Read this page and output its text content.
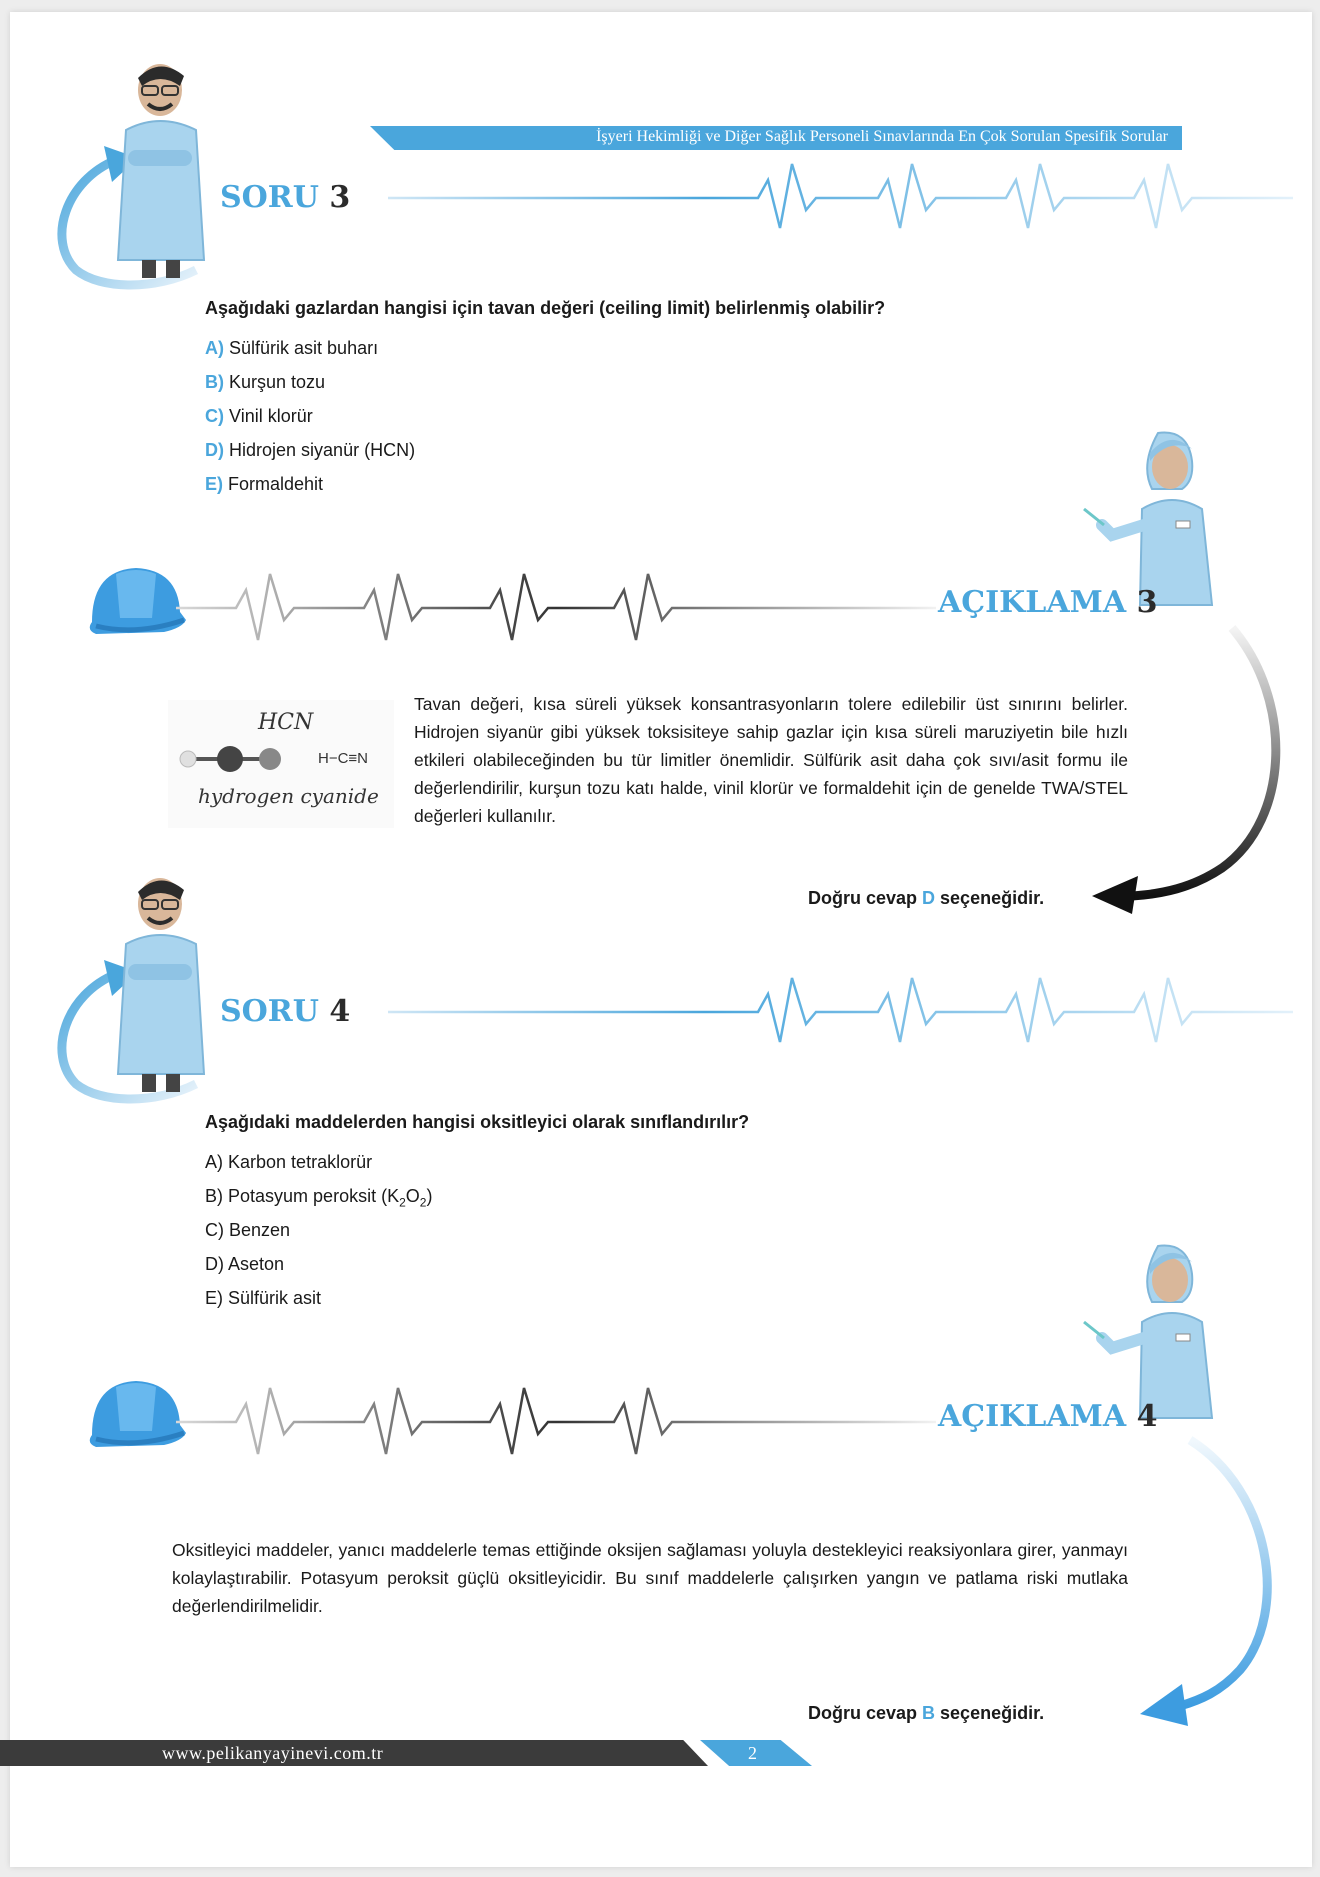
İşyeri Hekimliği ve Diğer Sağlık Personeli Sınavlarında En Çok Sorulan Spesifik Sorular
SORU 3
Aşağıdaki gazlardan hangisi için tavan değeri (ceiling limit) belirlenmiş olabilir?
A) Sülfürik asit buharı
B) Kurşun tozu
C) Vinil klorür
D) Hidrojen siyanür (HCN)
E) Formaldehit
AÇIKLAMA 3
HCN
H−C≡N
hydrogen cyanide
Tavan değeri, kısa süreli yüksek konsantrasyonların tolere edilebilir üst sınırını belirler. Hidrojen siyanür gibi yüksek toksisiteye sahip gazlar için kısa süreli maruziyetin bile hızlı etkileri olabileceğinden bu tür limitler önemlidir. Sülfürik asit daha çok sıvı/asit formu ile değerlendirilir, kurşun tozu katı halde, vinil klorür ve formaldehit için de genelde TWA/STEL değerleri kullanılır.
Doğru cevap D seçeneğidir.
SORU 4
Aşağıdaki maddelerden hangisi oksitleyici olarak sınıflandırılır?
A) Karbon tetraklorür
B) Potasyum peroksit $(K_2O_2)$
C) Benzen
D) Aseton
E) Sülfürik asit
AÇIKLAMA 4
Oksitleyici maddeler, yanıcı maddelerle temas ettiğinde oksijen sağlaması yoluyla destekleyici reaksiyonlara girer, yanmayı kolaylaştırabilir. Potasyum peroksit güçlü oksitleyicidir. Bu sınıf maddelerle çalışırken yangın ve patlama riski mutlaka değerlendirilmelidir.
Doğru cevap B seçeneğidir.
www.pelikanyayinevi.com.tr	2
